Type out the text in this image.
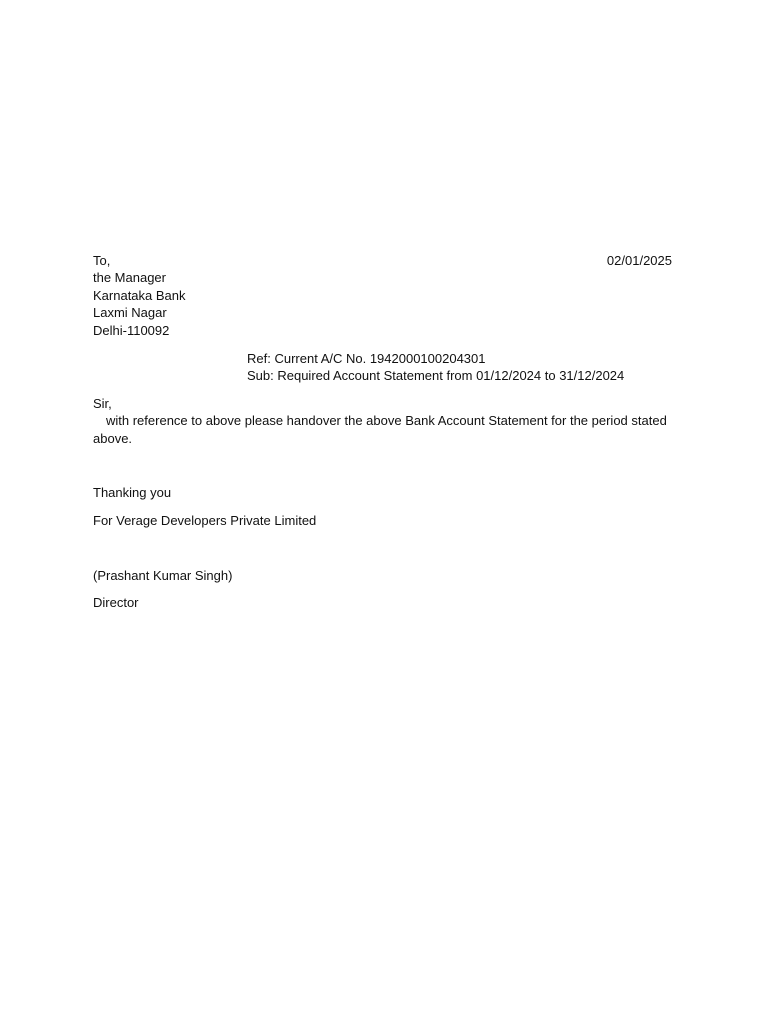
To,	02/01/2025
the Manager
Karnataka Bank
Laxmi Nagar
Delhi-110092
Ref: Current A/C No. 1942000100204301
Sub: Required Account Statement from 01/12/2024 to 31/12/2024
Sir,
with reference to above please handover the above Bank Account Statement for the period stated above.
Thanking you
For Verage Developers Private Limited
(Prashant Kumar Singh)
Director
